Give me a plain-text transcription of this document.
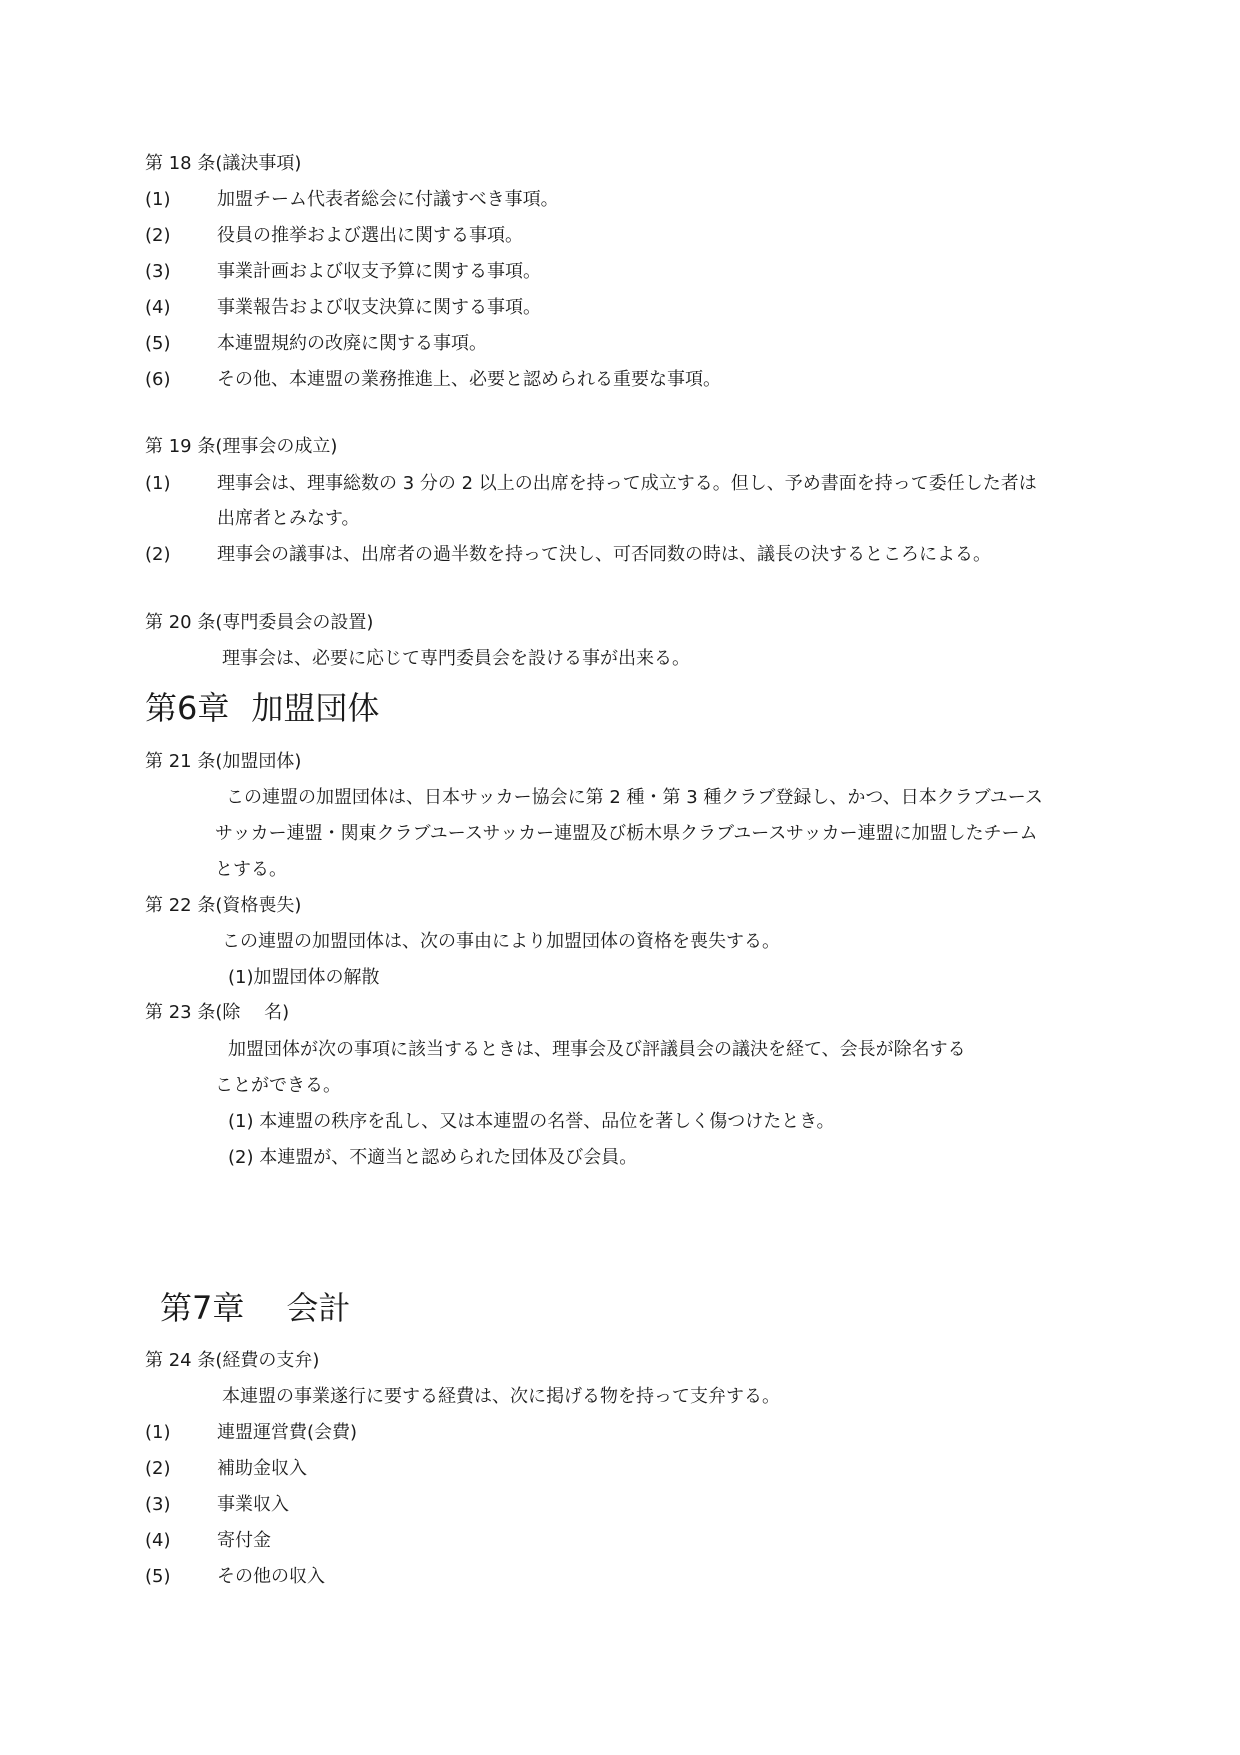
第 18 条(議決事項)
(1)	加盟チーム代表者総会に付議すべき事項。
(2)	役員の推挙および選出に関する事項。
(3)	事業計画および収支予算に関する事項。
(4)	事業報告および収支決算に関する事項。
(5)	本連盟規約の改廃に関する事項。
(6)	その他、本連盟の業務推進上、必要と認められる重要な事項。
第 19 条(理事会の成立)
(1)	理事会は、理事総数の 3 分の 2 以上の出席を持って成立する。但し、予め書面を持って委任した者は
出席者とみなす。
(2)	理事会の議事は、出席者の過半数を持って決し、可否同数の時は、議長の決するところによる。
第 20 条(専門委員会の設置)
理事会は、必要に応じて専門委員会を設ける事が出来る。
第6章 加盟団体
第 21 条(加盟団体)
この連盟の加盟団体は、日本サッカー協会に第 2 種・第 3 種クラブ登録し、かつ、日本クラブユース
サッカー連盟・関東クラブユースサッカー連盟及び栃木県クラブユースサッカー連盟に加盟したチーム
とする。
第 22 条(資格喪失)
この連盟の加盟団体は、次の事由により加盟団体の資格を喪失する。
(1)加盟団体の解散
第 23 条(除　 名)
加盟団体が次の事項に該当するときは、理事会及び評議員会の議決を経て、会長が除名する
ことができる。
(1) 本連盟の秩序を乱し、又は本連盟の名誉、品位を著しく傷つけたとき。
(2) 本連盟が、不適当と認められた団体及び会員。
第7章 会計
第 24 条(経費の支弁)
本連盟の事業遂行に要する経費は、次に掲げる物を持って支弁する。
(1)	連盟運営費(会費)
(2)	補助金収入
(3)	事業収入
(4)	寄付金
(5)	その他の収入
